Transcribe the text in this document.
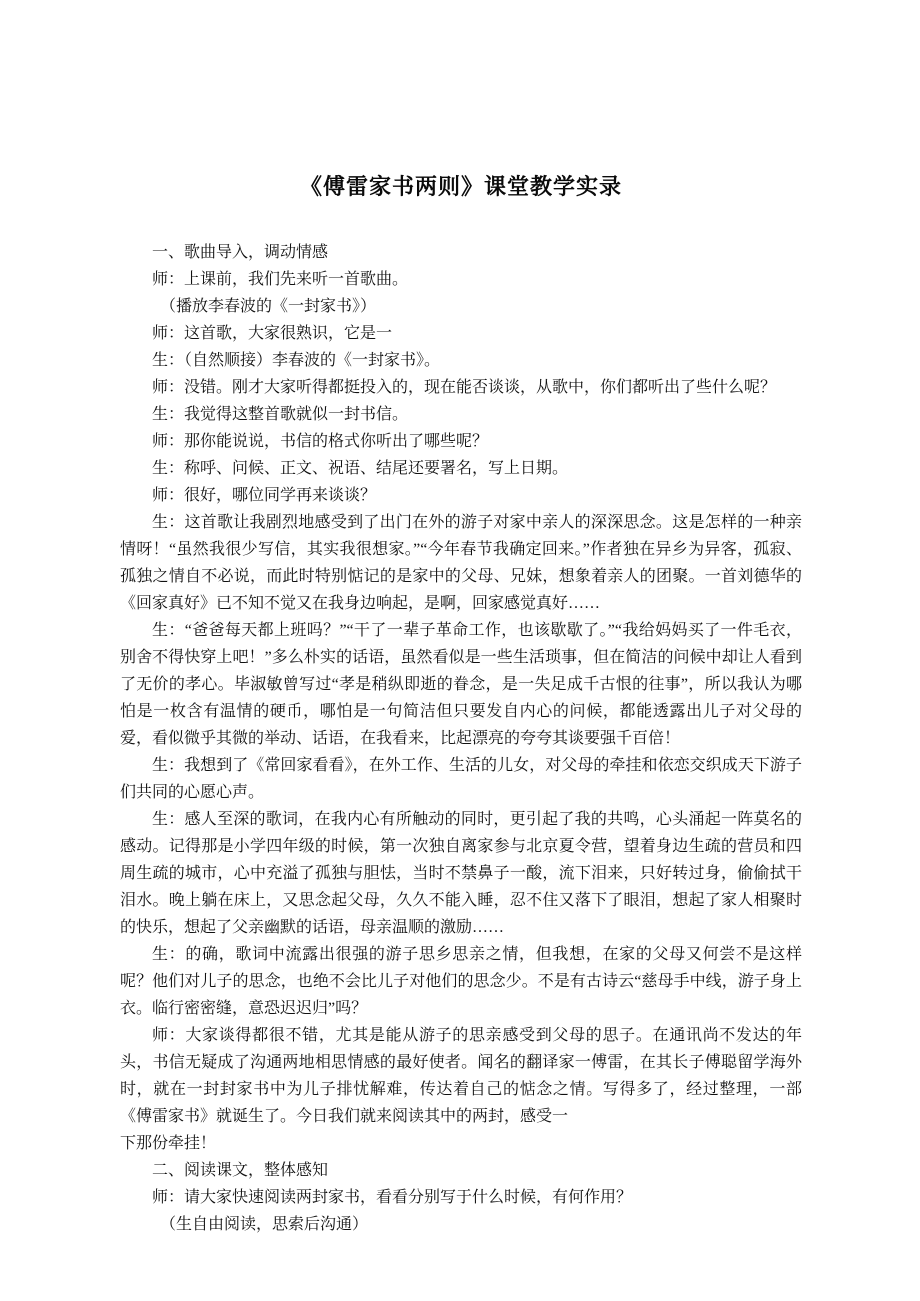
《傅雷家书两则》课堂教学实录

一、歌曲导入，调动情感

师：上课前，我们先来听一首歌曲。

（播放李春波的《一封家书》）

师：这首歌，大家很熟识，它是一

生：（自然顺接）李春波的《一封家书》。

师：没错。刚才大家听得都挺投入的，现在能否谈谈，从歌中，你们都听出了些什么呢？

生：我觉得这整首歌就似一封书信。

师：那你能说说，书信的格式你听出了哪些呢？

生：称呼、问候、正文、祝语、结尾还要署名，写上日期。

师：很好，哪位同学再来谈谈？

生：这首歌让我剧烈地感受到了出门在外的游子对家中亲人的深深思念。这是怎样的一种亲情呀！“虽然我很少写信，其实我很想家。”“今年春节我确定回来。”作者独在异乡为异客，孤寂、孤独之情自不必说，而此时特别惦记的是家中的父母、兄妹，想象着亲人的团聚。一首刘德华的《回家真好》已不知不觉又在我身边响起，是啊，回家感觉真好……

生：“爸爸每天都上班吗？”“干了一辈子革命工作，也该歇歇了。”“我给妈妈买了一件毛衣，别舍不得快穿上吧！”多么朴实的话语，虽然看似是一些生活琐事，但在简洁的问候中却让人看到了无价的孝心。毕淑敏曾写过“孝是稍纵即逝的眷念，是一失足成千古恨的往事”，所以我认为哪怕是一枚含有温情的硬币，哪怕是一句简洁但只要发自内心的问候，都能透露出儿子对父母的爱，看似微乎其微的举动、话语，在我看来，比起漂亮的夸夸其谈要强千百倍！

生：我想到了《常回家看看》，在外工作、生活的儿女，对父母的牵挂和依恋交织成天下游子们共同的心愿心声。

生：感人至深的歌词，在我内心有所触动的同时，更引起了我的共鸣，心头涌起一阵莫名的感动。记得那是小学四年级的时候，第一次独自离家参与北京夏令营，望着身边生疏的营员和四周生疏的城市，心中充溢了孤独与胆怯，当时不禁鼻子一酸，流下泪来，只好转过身，偷偷拭干泪水。晚上躺在床上，又思念起父母，久久不能入睡，忍不住又落下了眼泪，想起了家人相聚时的快乐，想起了父亲幽默的话语，母亲温顺的激励……

生：的确，歌词中流露出很强的游子思乡思亲之情，但我想，在家的父母又何尝不是这样呢？他们对儿子的思念，也绝不会比儿子对他们的思念少。不是有古诗云“慈母手中线，游子身上衣。临行密密缝，意恐迟迟归”吗？

师：大家谈得都很不错，尤其是能从游子的思亲感受到父母的思子。在通讯尚不发达的年头，书信无疑成了沟通两地相思情感的最好使者。闻名的翻译家一傅雷，在其长子傅聪留学海外时，就在一封封家书中为儿子排忧解难，传达着自己的惦念之情。写得多了，经过整理，一部《傅雷家书》就诞生了。今日我们就来阅读其中的两封，感受一

下那份牵挂！

二、阅读课文，整体感知

师：请大家快速阅读两封家书，看看分别写于什么时候，有何作用？

（生自由阅读，思索后沟通）
